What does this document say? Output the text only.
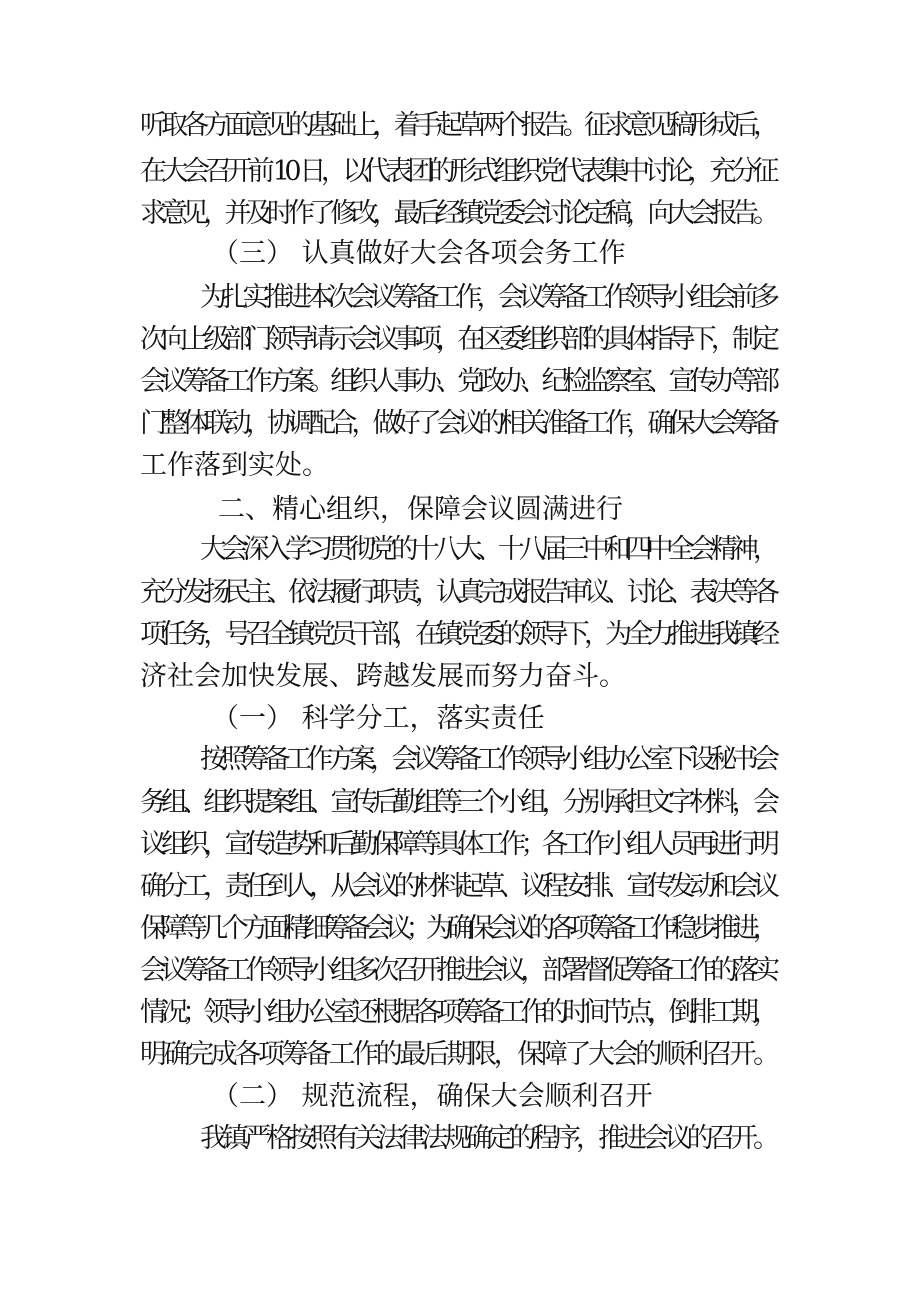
听取各方面意见的基础上，着手起草两个报告。征求意见稿形成后，
在大会召开前 10 日，以代表团的形式组织党代表集中讨论，充分征
求意见，并及时作了修改，最后经镇党委会讨论定稿，向大会报告。
（三） 认真做好大会各项会务工作
为扎实推进本次会议筹备工作，会议筹备工作领导小组会前多
次向上级部门领导请示会议事项，在区委组织部的具体指导下，制定
会议筹备工作方案。组织人事办、党政办、纪检监察室、宣传办等部
门整体联动，协调配合，做好了会议的相关准备工作，确保大会筹备
工作落到实处。
二、精心组织，保障会议圆满进行
大会深入学习贯彻党的十八大、十八届三中和四中全会精神，
充分发扬民主、依法履行职责，认真完成报告审议、讨论、表决等各
项任务，号召全镇党员干部，在镇党委的领导下，为全力推进我镇经
济社会加快发展、跨越发展而努力奋斗。
（一） 科学分工，落实责任
按照筹备工作方案，会议筹备工作领导小组办公室下设秘书会
务组、组织提案组、宣传后勤组等三个小组，分别承担文字材料，会
议组织，宣传造势和后勤保障等具体工作；各工作小组人员再进行明
确分工，责任到人，从会议的材料起草、议程安排、宣传发动和会议
保障等几个方面精细筹备会议；为确保会议的各项筹备工作稳步推进，
会议筹备工作领导小组多次召开推进会议，部署督促筹备工作的落实
情况；领导小组办公室还根据各项筹备工作的时间节点，倒排工期，
明确完成各项筹备工作的最后期限，保障了大会的顺利召开。
（二） 规范流程，确保大会顺利召开
我镇严格按照有关法律法规确定的程序，推进会议的召开。
